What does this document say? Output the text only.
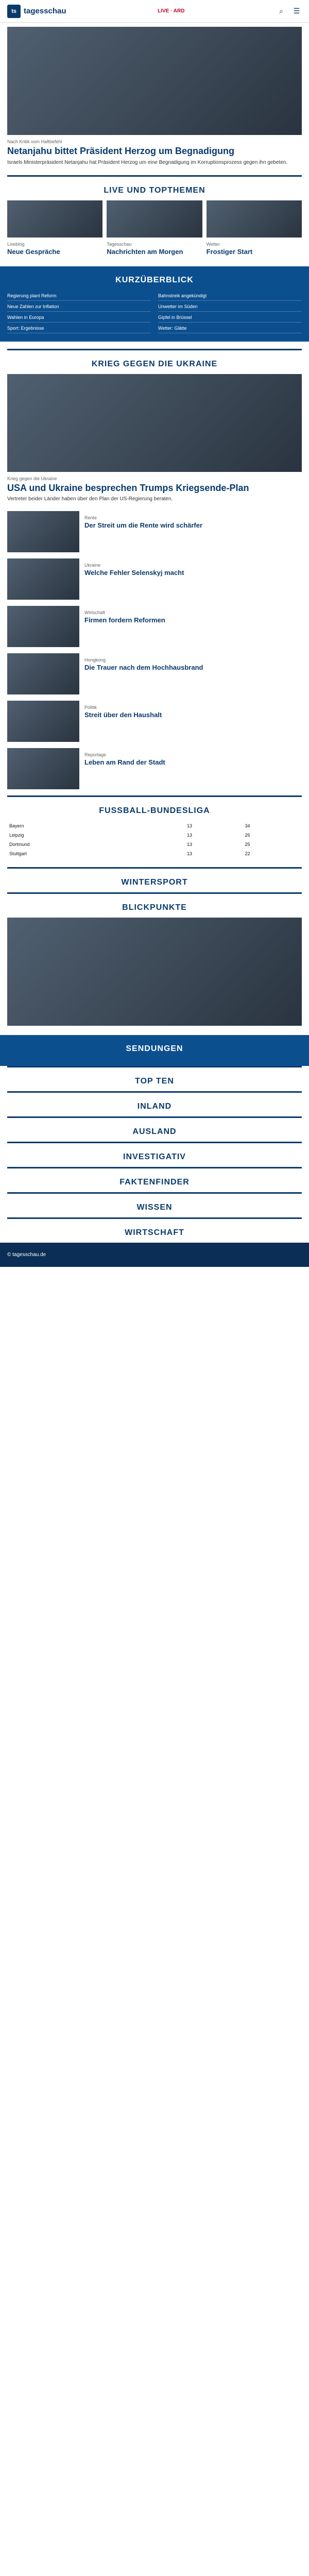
ts tagesschau	LIVE · ARD	⌕	☰
Nach Kritik vom Haftbefehl
Netanjahu bittet Präsident Herzog um Begnadigung
Israels Ministerpräsident Netanjahu hat Präsident Herzog um eine Begnadigung im Korruptionsprozess gegen ihn gebeten.
LIVE UND TOPTHEMEN
Liveblog
Neue Gespräche
Tagesschau
Nachrichten am Morgen
Wetter
Frostiger Start
KURZÜBERBLICK
Regierung plant Reform	Bahnstreik angekündigt
Neue Zahlen zur Inflation	Unwetter im Süden
Wahlen in Europa	Gipfel in Brüssel
Sport: Ergebnisse	Wetter: Glätte
KRIEG GEGEN DIE UKRAINE
Krieg gegen die Ukraine
USA und Ukraine besprechen Trumps Kriegsende-Plan
Vertreter beider Länder haben über den Plan der US-Regierung beraten.
Rente
Der Streit um die Rente wird schärfer
Ukraine
Welche Fehler Selenskyj macht
Wirtschaft
Firmen fordern Reformen
Hongkong
Die Trauer nach dem Hochhausbrand
Politik
Streit über den Haushalt
Reportage
Leben am Rand der Stadt
FUSSBALL-BUNDESLIGA
Bayern	13	34
Leipzig	13	26
Dortmund	13	25
Stuttgart	13	22
WINTERSPORT
BLICKPUNKTE
SENDUNGEN
TOP TEN
INLAND
AUSLAND
INVESTIGATIV
FAKTENFINDER
WISSEN
WIRTSCHAFT
© tagesschau.de
